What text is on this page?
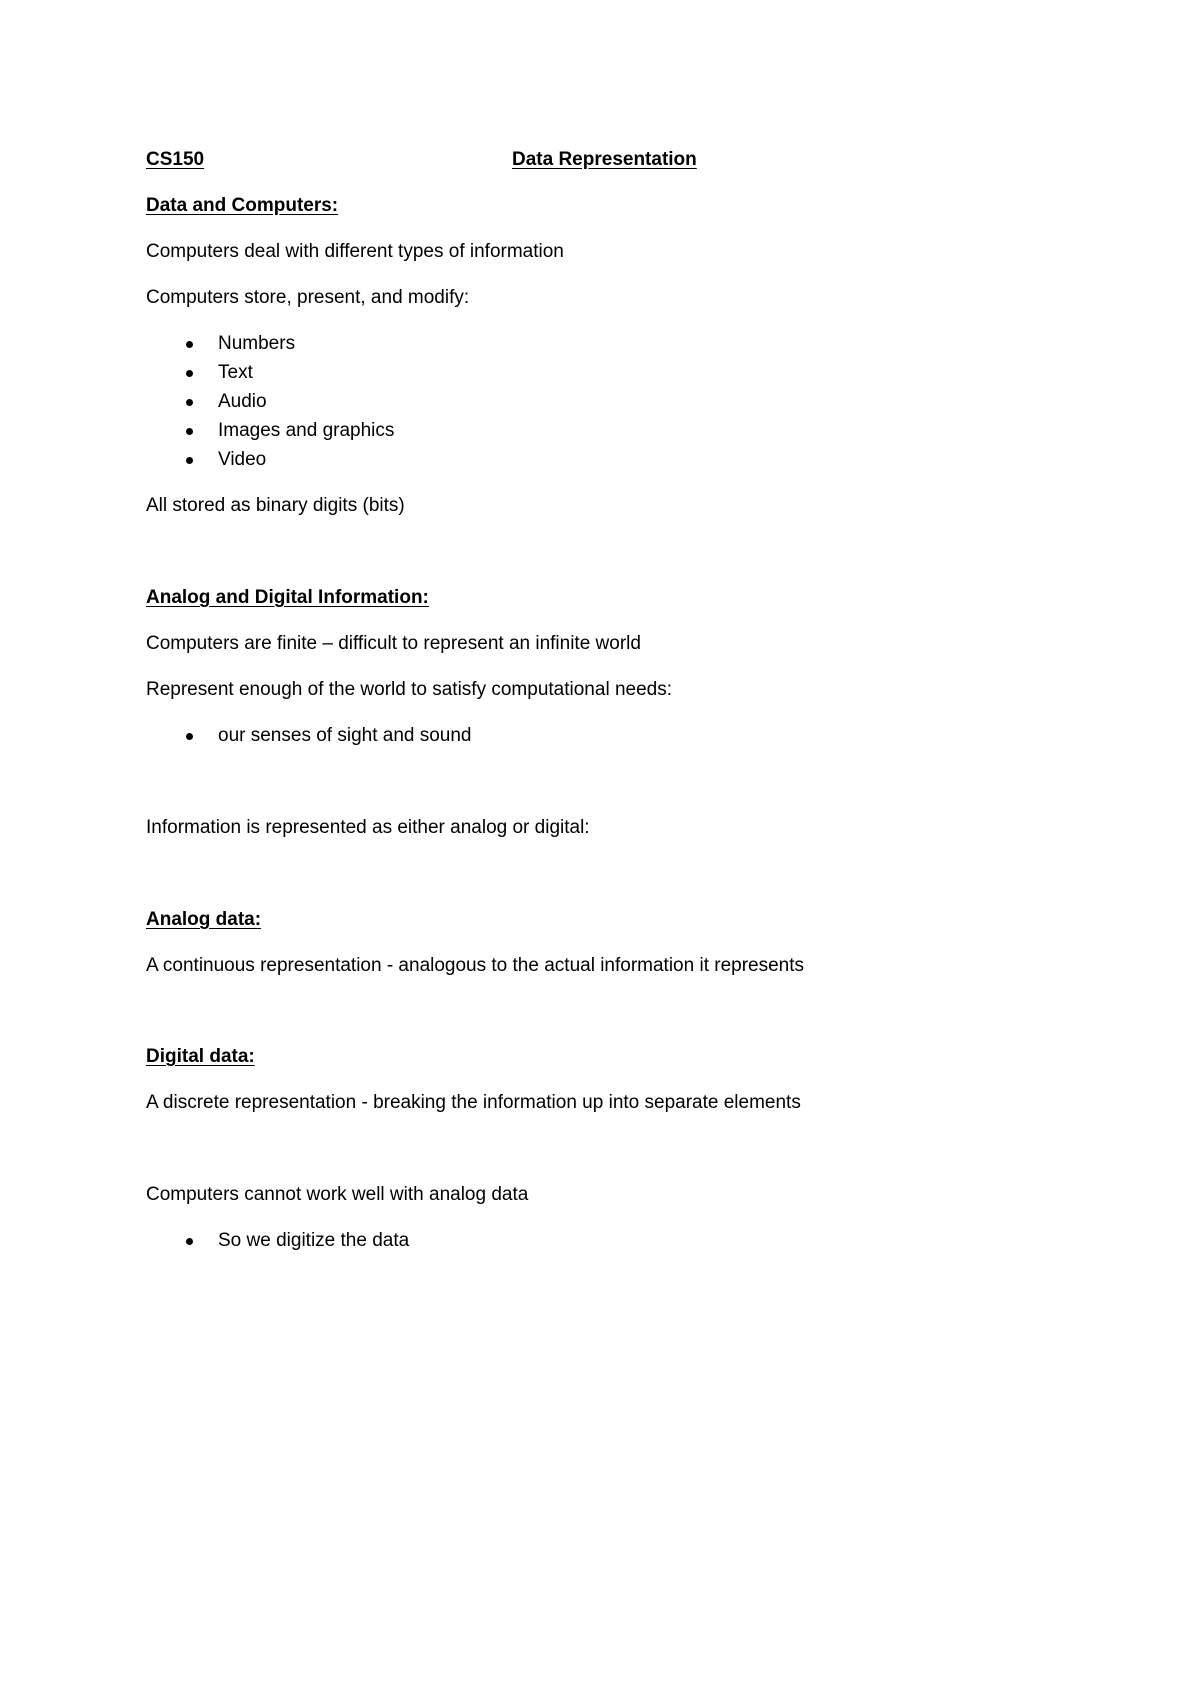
CS150	Data Representation
Data and Computers:
Computers deal with different types of information
Computers store, present, and modify:
Numbers
Text
Audio
Images and graphics
Video
All stored as binary digits (bits)
Analog and Digital Information:
Computers are finite – difficult to represent an infinite world
Represent enough of the world to satisfy computational needs:
our senses of sight and sound
Information is represented as either analog or digital:
Analog data:
A continuous representation - analogous to the actual information it represents
Digital data:
A discrete representation - breaking the information up into separate elements
Computers cannot work well with analog data
So we digitize the data
